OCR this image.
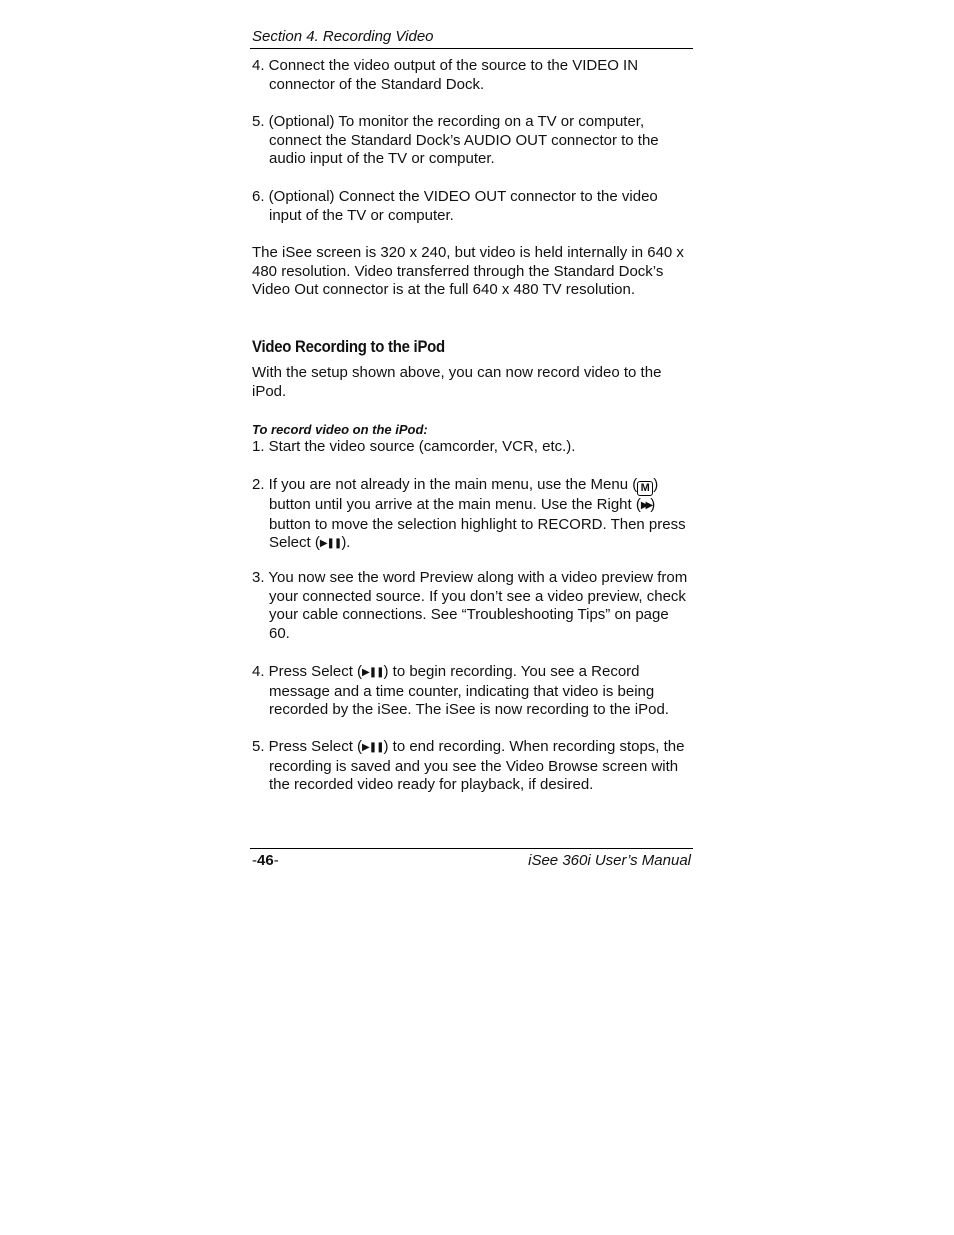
Section 4. Recording Video

4. Connect the video output of the source to the VIDEO IN connector of the Standard Dock.

5. (Optional) To monitor the recording on a TV or computer, connect the Standard Dock’s AUDIO OUT connector to the audio input of the TV or computer.

6. (Optional) Connect the VIDEO OUT connector to the video input of the TV or computer.

The iSee screen is 320 x 240, but video is held internally in 640 x 480 resolution. Video transferred through the Standard Dock’s Video Out connector is at the full 640 x 480 TV resolution.

Video Recording to the iPod

With the setup shown above, you can now record video to the iPod.

To record video on the iPod:

1. Start the video source (camcorder, VCR, etc.).

2. If you are not already in the main menu, use the Menu ( M ) button until you arrive at the main menu. Use the Right (▶▶) button to move the selection highlight to RECORD. Then press Select (▶❚❚).

3. You now see the word Preview along with a video preview from your connected source. If you don’t see a video preview, check your cable connections. See “Troubleshooting Tips” on page 60.

4. Press Select (▶❚❚) to begin recording. You see a Record message and a time counter, indicating that video is being recorded by the iSee. The iSee is now recording to the iPod.

5. Press Select (▶❚❚) to end recording. When recording stops, the recording is saved and you see the Video Browse screen with the recorded video ready for playback, if desired.

-46-	iSee 360i User’s Manual
